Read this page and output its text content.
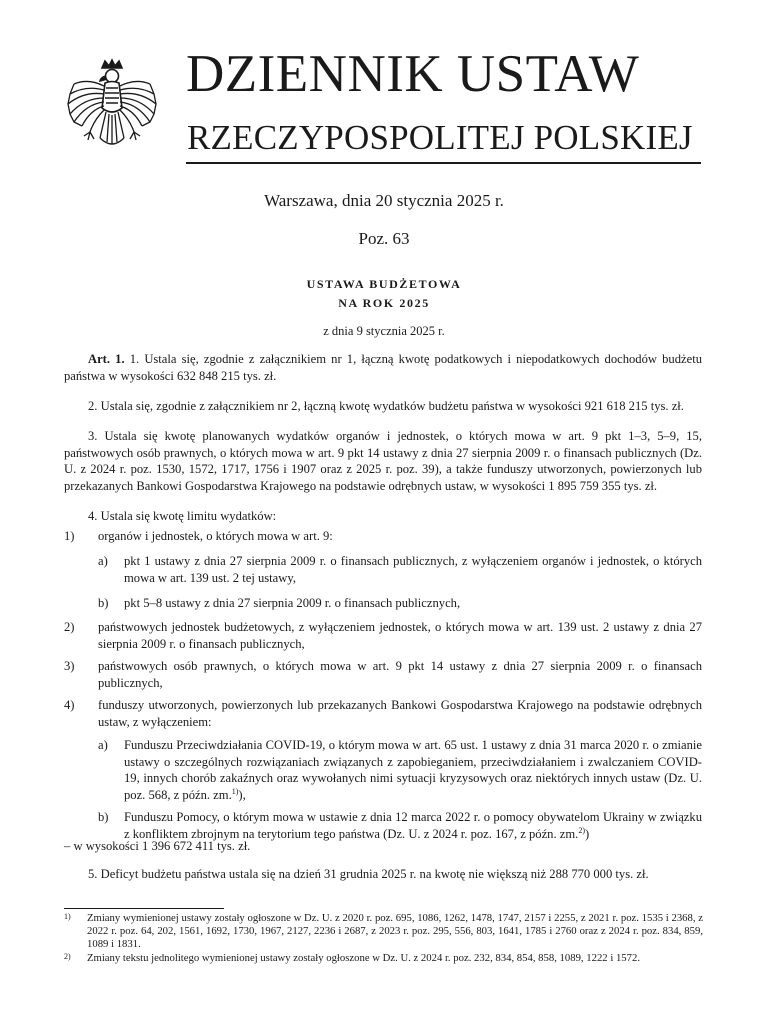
DZIENNIK USTAW
RZECZYPOSPOLITEJ POLSKIEJ
Warszawa, dnia 20 stycznia 2025 r.
Poz. 63
USTAWA BUDŻETOWA
NA ROK 2025
z dnia 9 stycznia 2025 r.

Art. 1. 1. Ustala się, zgodnie z załącznikiem nr 1, łączną kwotę podatkowych i niepodatkowych dochodów budżetu państwa w wysokości 632 848 215 tys. zł.

2. Ustala się, zgodnie z załącznikiem nr 2, łączną kwotę wydatków budżetu państwa w wysokości 921 618 215 tys. zł.

3. Ustala się kwotę planowanych wydatków organów i jednostek, o których mowa w art. 9 pkt 1–3, 5–9, 15, państwowych osób prawnych, o których mowa w art. 9 pkt 14 ustawy z dnia 27 sierpnia 2009 r. o finansach publicznych (Dz. U. z 2024 r. poz. 1530, 1572, 1717, 1756 i 1907 oraz z 2025 r. poz. 39), a także funduszy utworzonych, powierzonych lub przekazanych Bankowi Gospodarstwa Krajowego na podstawie odrębnych ustaw, w wysokości 1 895 759 355 tys. zł.

4. Ustala się kwotę limitu wydatków:

1) organów i jednostek, o których mowa w art. 9:

a) pkt 1 ustawy z dnia 27 sierpnia 2009 r. o finansach publicznych, z wyłączeniem organów i jednostek, o których mowa w art. 139 ust. 2 tej ustawy,

b) pkt 5–8 ustawy z dnia 27 sierpnia 2009 r. o finansach publicznych,

2) państwowych jednostek budżetowych, z wyłączeniem jednostek, o których mowa w art. 139 ust. 2 ustawy z dnia 27 sierpnia 2009 r. o finansach publicznych,

3) państwowych osób prawnych, o których mowa w art. 9 pkt 14 ustawy z dnia 27 sierpnia 2009 r. o finansach publicznych,

4) funduszy utworzonych, powierzonych lub przekazanych Bankowi Gospodarstwa Krajowego na podstawie odrębnych ustaw, z wyłączeniem:

a) Funduszu Przeciwdziałania COVID-19, o którym mowa w art. 65 ust. 1 ustawy z dnia 31 marca 2020 r. o zmianie ustawy o szczególnych rozwiązaniach związanych z zapobieganiem, przeciwdziałaniem i zwalczaniem COVID-19, innych chorób zakaźnych oraz wywołanych nimi sytuacji kryzysowych oraz niektórych innych ustaw (Dz. U. poz. 568, z późn. zm.$^{1)}$),

b) Funduszu Pomocy, o którym mowa w ustawie z dnia 12 marca 2022 r. o pomocy obywatelom Ukrainy w związku z konfliktem zbrojnym na terytorium tego państwa (Dz. U. z 2024 r. poz. 167, z późn. zm.$^{2)}$)

– w wysokości 1 396 672 411 tys. zł.

5. Deficyt budżetu państwa ustala się na dzień 31 grudnia 2025 r. na kwotę nie większą niż 288 770 000 tys. zł.

1) Zmiany wymienionej ustawy zostały ogłoszone w Dz. U. z 2020 r. poz. 695, 1086, 1262, 1478, 1747, 2157 i 2255, z 2021 r. poz. 1535 i 2368, z 2022 r. poz. 64, 202, 1561, 1692, 1730, 1967, 2127, 2236 i 2687, z 2023 r. poz. 295, 556, 803, 1641, 1785 i 2760 oraz z 2024 r. poz. 834, 859, 1089 i 1831.

2) Zmiany tekstu jednolitego wymienionej ustawy zostały ogłoszone w Dz. U. z 2024 r. poz. 232, 834, 854, 858, 1089, 1222 i 1572.
